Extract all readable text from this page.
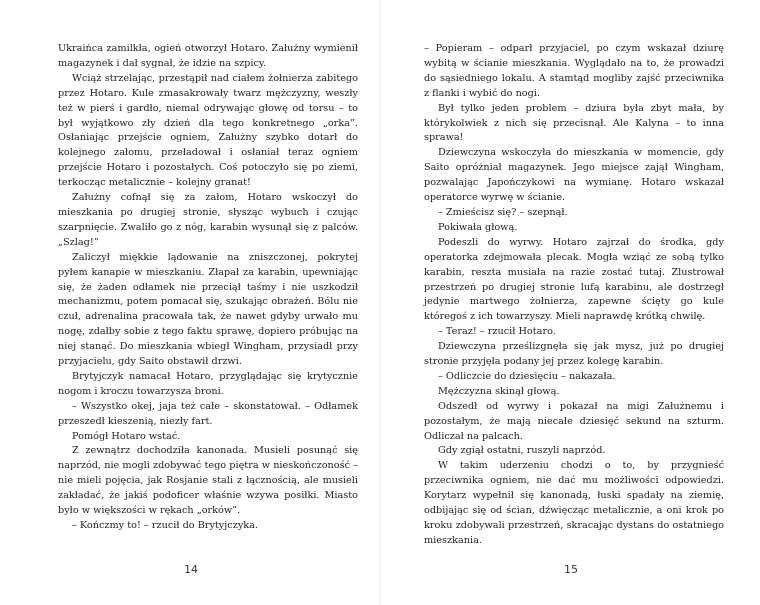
Ukraińca zamilkła, ogień otworzył Hotaro. Załużny wymienił magazynek i dał sygnał, że idzie na szpicy.

Wciąż strzelając, przestąpił nad ciałem żołnierza zabitego przez Hotaro. Kule zmasakrowały twarz mężczyzny, weszły też w pierś i gardło, niemal odrywając głowę od torsu – to był wyjątkowo zły dzień dla tego konkretnego „orka”. Osłaniając przejście ogniem, Załużny szybko dotarł do kolejnego załomu, przeładował i osłaniał teraz ogniem przejście Hotaro i pozostałych. Coś potoczyło się po ziemi, terkocząc metalicznie – kolejny granat!

Załużny cofnął się za załom, Hotaro wskoczył do mieszkania po drugiej stronie, słysząc wybuch i czując szarpnięcie. Zwaliło go z nóg, karabin wysunął się z palców. „Szlag!”

Zaliczył miękkie lądowanie na zniszczonej, pokrytej pyłem kanapie w mieszkaniu. Złapał za karabin, upewniając się, że żaden odłamek nie przeciął taśmy i nie uszkodził mechanizmu, potem pomacał się, szukając obrażeń. Bólu nie czuł, adrenalina pracowała tak, że nawet gdyby urwało mu nogę, zdałby sobie z tego faktu sprawę, dopiero próbując na niej stanąć. Do mieszkania wbiegł Wingham, przysiadł przy przyjacielu, gdy Saito obstawił drzwi.

Brytyjczyk namacał Hotaro, przyglądając się krytycznie nogom i kroczu towarzysza broni.

– Wszystko okej, jaja też całe – skonstatował. – Odłamek przeszedł kieszenią, niezły fart.

Pomógł Hotaro wstać.

Z zewnątrz dochodziła kanonada. Musieli posunąć się naprzód, nie mogli zdobywać tego piętra w nieskończoność – nie mieli pojęcia, jak Rosjanie stali z łącznością, ale musieli zakładać, że jakiś podoficer właśnie wzywa posiłki. Miasto było w większości w rękach „orków”.

– Kończmy to! – rzucił do Brytyjczyka.

14

– Popieram – odparł przyjaciel, po czym wskazał dziurę wybitą w ścianie mieszkania. Wyglądało na to, że prowadzi do sąsiedniego lokalu. A stamtąd mogliby zajść przeciwnika z flanki i wybić do nogi.

Był tylko jeden problem – dziura była zbyt mała, by którykolwiek z nich się przecisnął. Ale Kalyna – to inna sprawa!

Dziewczyna wskoczyła do mieszkania w momencie, gdy Saito opróżniał magazynek. Jego miejsce zajął Wingham, pozwalając Japończykowi na wymianę. Hotaro wskazał operatorce wyrwę w ścianie.

– Zmieścisz się? – szepnął.

Pokiwała głową.

Podeszli do wyrwy. Hotaro zajrzał do środka, gdy operatorka zdejmowała plecak. Mogła wziąć ze sobą tylko karabin, reszta musiała na razie zostać tutaj. Zlustrował przestrzeń po drugiej stronie lufą karabinu, ale dostrzegł jedynie martwego żołnierza, zapewne ścięty go kule któregoś z ich towarzyszy. Mieli naprawdę krótką chwilę.

– Teraz! – rzucił Hotaro.

Dziewczyna prześlizgnęła się jak mysz, już po drugiej stronie przyjęła podany jej przez kolegę karabin.

– Odliczcie do dziesięciu – nakazała.

Mężczyzna skinął głową.

Odszedł od wyrwy i pokazał na migi Załużnemu i pozostałym, że mają niecałe dziesięć sekund na szturm. Odliczał na palcach.

Gdy zgiął ostatni, ruszyli naprzód.

W takim uderzeniu chodzi o to, by przygnieść przeciwnika ogniem, nie dać mu możliwości odpowiedzi. Korytarz wypełnił się kanonadą, łuski spadały na ziemię, odbijając się od ścian, dźwięcząc metalicznie, a oni krok po kroku zdobywali przestrzeń, skracając dystans do ostatniego mieszkania.

15
